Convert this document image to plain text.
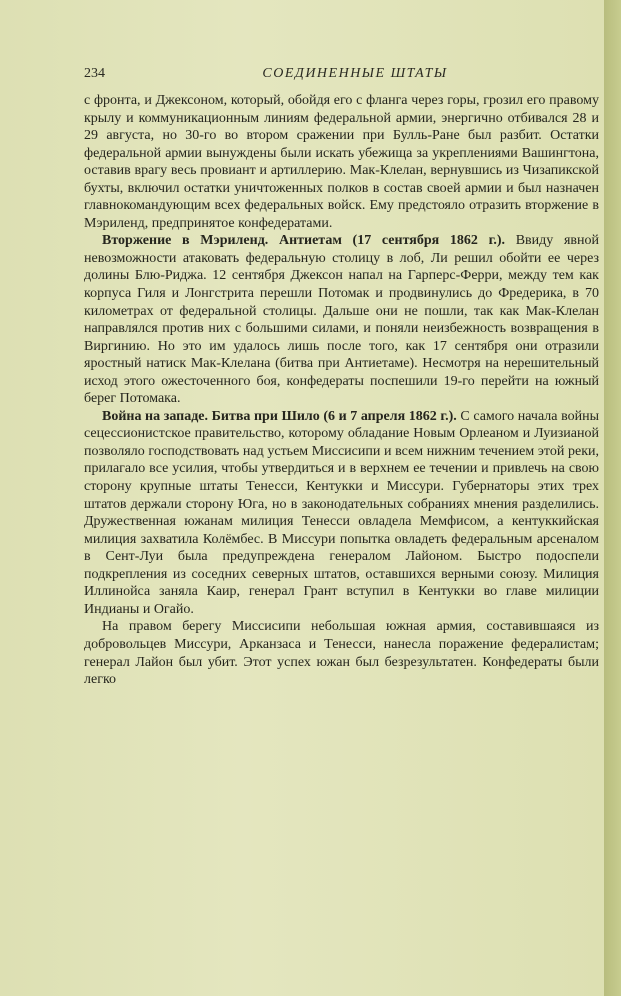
234	СОЕДИНЕННЫЕ ШТАТЫ

с фронта, и Джексоном, который, обойдя его с фланга через горы, грозил его правому крылу и коммуникационным линиям федеральной армии, энергично отбивался 28 и 29 августа, но 30-го во втором сражении при Булль-Ране был разбит. Остатки федеральной армии вынуждены были искать убежища за укреплениями Вашингтона, оставив врагу весь провиант и артиллерию. Мак-Клелан, вернувшись из Чизапикской бухты, включил остатки уничтоженных полков в состав своей армии и был назначен главнокомандующим всех федеральных войск. Ему предстояло отразить вторжение в Мэриленд, предпринятое конфедератами.

Вторжение в Мэриленд. Антиетам (17 сентября 1862 г.). Ввиду явной невозможности атаковать федеральную столицу в лоб, Ли решил обойти ее через долины Блю-Риджа. 12 сентября Джексон напал на Гарперс-Ферри, между тем как корпуса Гиля и Лонгстрита перешли Потомак и продвинулись до Фредерика, в 70 километрах от федеральной столицы. Дальше они не пошли, так как Мак-Клелан направлялся против них с большими силами, и поняли неизбежность возвращения в Виргинию. Но это им удалось лишь после того, как 17 сентября они отразили яростный натиск Мак-Клелана (битва при Антиетаме). Несмотря на нерешительный исход этого ожесточенного боя, конфедераты поспешили 19-го перейти на южный берег Потомака.

Война на западе. Битва при Шило (6 и 7 апреля 1862 г.). С самого начала войны сецессионистское правительство, которому обладание Новым Орлеаном и Луизианой позволяло господствовать над устьем Миссисипи и всем нижним течением этой реки, прилагало все усилия, чтобы утвердиться и в верхнем ее течении и привлечь на свою сторону крупные штаты Тенесси, Кентукки и Миссури. Губернаторы этих трех штатов держали сторону Юга, но в законодательных собраниях мнения разделились. Дружественная южанам милиция Тенесси овладела Мемфисом, а кентуккийская милиция захватила Колёмбес. В Миссури попытка овладеть федеральным арсеналом в Сент-Луи была предупреждена генералом Лайоном. Быстро подоспели подкрепления из соседних северных штатов, оставшихся верными союзу. Милиция Иллинойса заняла Каир, генерал Грант вступил в Кентукки во главе милиции Индианы и Огайо.

На правом берегу Миссисипи небольшая южная армия, составившаяся из добровольцев Миссури, Арканзаса и Тенесси, нанесла поражение федералистам; генерал Лайон был убит. Этот успех южан был безрезультатен. Конфедераты были легко
